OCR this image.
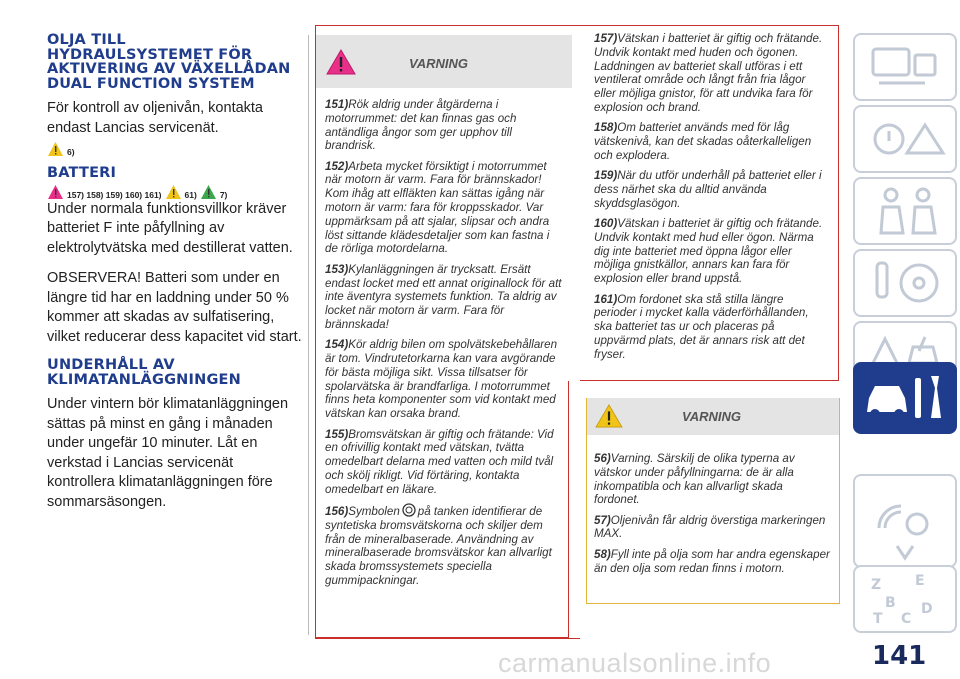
OLJA TILL HYDRAULSYSTEMET FÖR AKTIVERING AV VÄXELLÅDAN DUAL FUNCTION SYSTEM

För kontroll av oljenivån, kontakta endast Lancias servicenät.

6)
BATTERI
157) 158) 159) 160) 161)	61)	7)

Under normala funktionsvillkor kräver batteriet F inte påfyllning av elektrolytvätska med destillerat vatten.

OBSERVERA! Batteri som under en längre tid har en laddning under 50 % kommer att skadas av sulfatisering, vilket reducerar dess kapacitet vid start.

UNDERHÅLL AV KLIMATANLÄGGNINGEN

Under vintern bör klimatanläggningen sättas på minst en gång i månaden under ungefär 10 minuter. Låt en verkstad i Lancias servicenät kontrollera klimatanläggningen före sommarsäsongen.

VARNING

151)Rök aldrig under åtgärderna i motorrummet: det kan finnas gas och antändliga ångor som ger upphov till brandrisk.

152)Arbeta mycket försiktigt i motorrummet när motorn är varm. Fara för brännskador! Kom ihåg att elfläkten kan sättas igång när motorn är varm: fara för kroppsskador. Var uppmärksam på att sjalar, slipsar och andra löst sittande klädesdetaljer som kan fastna i de rörliga motordelarna.

153)Kylanläggningen är trycksatt. Ersätt endast locket med ett annat originallock för att inte äventyra systemets funktion. Ta aldrig av locket när motorn är varm. Fara för brännskada!

154)Kör aldrig bilen om spolvätskebehållaren är tom. Vindrutetorkarna kan vara avgörande för bästa möjliga sikt. Vissa tillsatser för spolarvätska är brandfarliga. I motorrummet finns heta komponenter som vid kontakt med vätskan kan orsaka brand.

155)Bromsvätskan är giftig och frätande: Vid en ofrivillig kontakt med vätskan, tvätta omedelbart delarna med vatten och mild tvål och skölj rikligt. Vid förtäring, kontakta omedelbart en läkare.

156)Symbolen på tanken identifierar de syntetiska bromsvätskorna och skiljer dem från de mineralbaserade. Användning av mineralbaserade bromsvätskor kan allvarligt skada bromssystemets speciella gummipackningar.

157)Vätskan i batteriet är giftig och frätande. Undvik kontakt med huden och ögonen. Laddningen av batteriet skall utföras i ett ventilerat område och långt från fria lågor eller möjliga gnistor, för att undvika fara för explosion och brand.

158)Om batteriet används med för låg vätskenivå, kan det skadas oåterkalleligen och explodera.

159)När du utför underhåll på batteriet eller i dess närhet ska du alltid använda skyddsglasögon.

160)Vätskan i batteriet är giftig och frätande. Undvik kontakt med hud eller ögon. Närma dig inte batteriet med öppna lågor eller möjliga gnistkällor, annars kan fara för explosion eller brand uppstå.

161)Om fordonet ska stå stilla längre perioder i mycket kalla väderförhållanden, ska batteriet tas ur och placeras på uppvärmd plats, det är annars risk att det fryser.

VARNING

56)Varning. Särskilj de olika typerna av vätskor under påfyllningarna: de är alla inkompatibla och kan allvarligt skada fordonet.

57)Oljenivån får aldrig överstiga markeringen MAX.

58)Fyll inte på olja som har andra egenskaper än den olja som redan finns i motorn.

Z E
B
C
D
T
141
carmanualsonline.info
